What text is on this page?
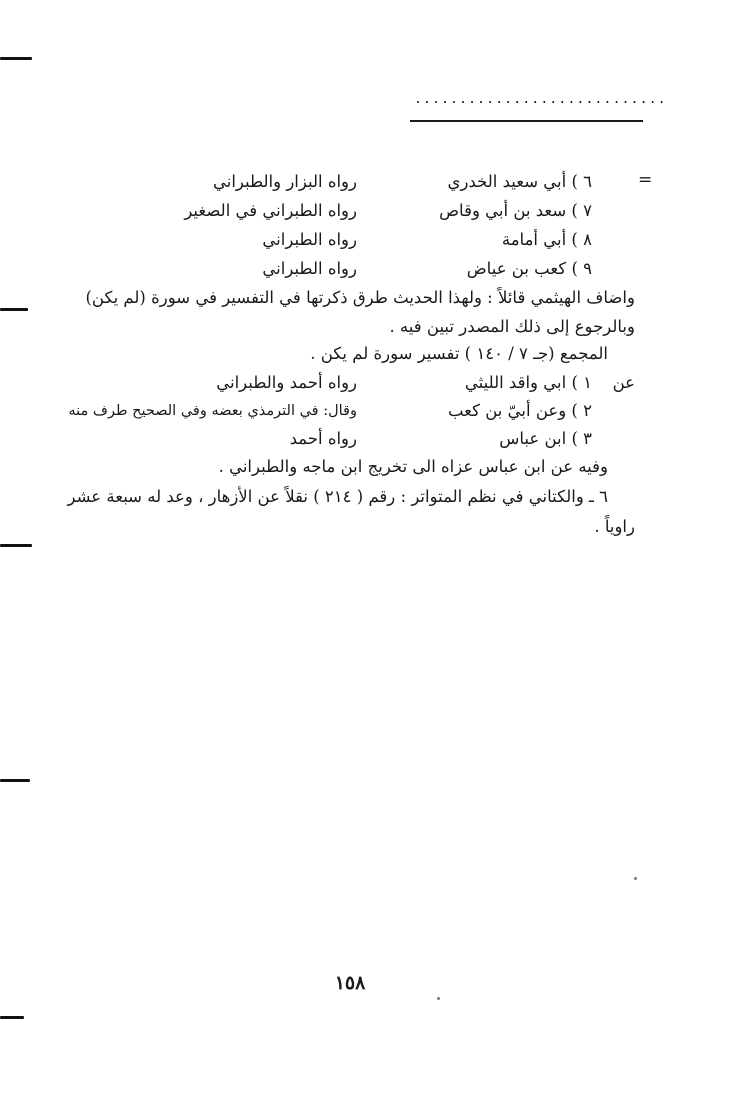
............................
=
٦ ) أبي سعيد الخدري
رواه البزار والطبراني
٧ ) سعد بن أبي وقاص
رواه الطبراني في الصغير
٨ ) أبي أمامة
رواه الطبراني
٩ ) كعب بن عياض
رواه الطبراني
واضاف الهيثمي قائلاً : ولهذا الحديث طرق ذكرتها في التفسير في سورة (لم يكن)
وبالرجوع إلى ذلك المصدر تبين فيه .
المجمع (جـ ٧ / ١٤٠ ) تفسير سورة لم يكن .
عن
١ ) ابي واقد الليثي
رواه أحمد والطبراني
٢ ) وعن أبيّ بن كعب
وقال: في الترمذي بعضه وفي الصحيح طرف منه
٣ ) ابن عباس
رواه أحمد
وفيه عن ابن عباس عزاه الى تخريج ابن ماجه والطبراني .
٦ ـ والكتاني في نظم المتواتر : رقم ( ٢١٤ ) نقلاً عن الأزهار ، وعد له سبعة عشر
راوياً .
١٥٨
